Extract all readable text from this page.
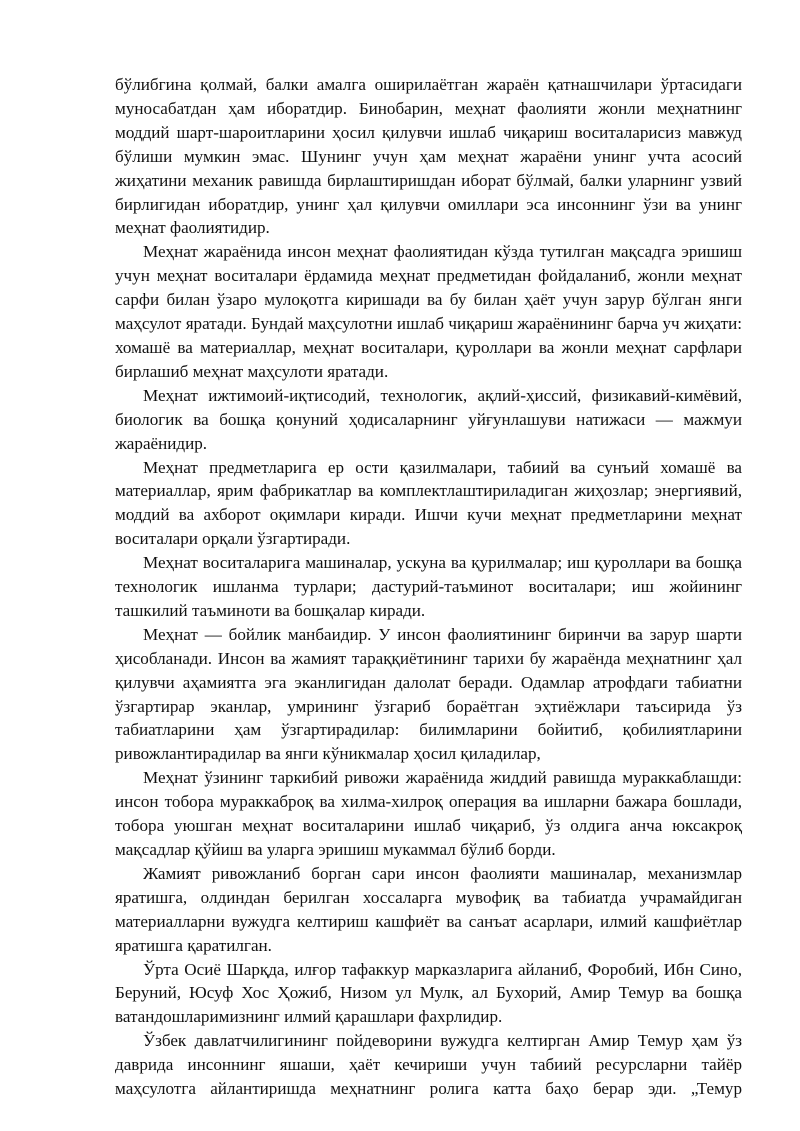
бўлибгина қолмай, балки амалга оширилаётган жараён қатнашчилари ўртасидаги муносабатдан ҳам иборатдир. Бинобарин, меҳнат фаолияти жонли меҳнатнинг моддий шарт-шароитларини ҳосил қилувчи ишлаб чиқариш воситаларисиз мавжуд бўлиши мумкин эмас. Шунинг учун ҳам меҳнат жараёни унинг учта асосий жиҳатини механик равишда бирлаштиришдан иборат бўлмай, балки уларнинг узвий бирлигидан иборатдир, унинг ҳал қилувчи омиллари эса инсоннинг ўзи ва унинг меҳнат фаолиятидир.

Меҳнат жараёнида инсон меҳнат фаолиятидан кўзда тутилган мақсадга эришиш учун меҳнат воситалари ёрдамида меҳнат предметидан фойдаланиб, жонли меҳнат сарфи билан ўзаро мулоқотга киришади ва бу билан ҳаёт учун зарур бўлган янги маҳсулот яратади. Бундай маҳсулотни ишлаб чиқариш жараёнининг барча уч жиҳати: хомашё ва материаллар, меҳнат воситалари, қуроллари ва жонли меҳнат сарфлари бирлашиб меҳнат маҳсулоти яратади.

Меҳнат ижтимоий-иқтисодий, технологик, ақлий-ҳиссий, физикавий-кимёвий, биологик ва бошқа қонуний ҳодисаларнинг уйғунлашуви натижаси — мажмуи жараёнидир.

Меҳнат предметларига ер ости қазилмалари, табиий ва сунъий хомашё ва материаллар, ярим фабрикатлар ва комплектлаштириладиган жиҳозлар; энергиявий, моддий ва ахборот оқимлари киради. Ишчи кучи меҳнат предметларини меҳнат воситалари орқали ўзгартиради.

Меҳнат воситаларига машиналар, ускуна ва қурилмалар; иш қуроллари ва бошқа технологик ишланма турлари; дастурий-таъминот воситалари; иш жойининг ташкилий таъминоти ва бошқалар киради.

Меҳнат — бойлик манбаидир. У инсон фаолиятининг биринчи ва зарур шарти ҳисобланади. Инсон ва жамият тараққиётининг тарихи бу жараёнда меҳнатнинг ҳал қилувчи аҳамиятга эга эканлигидан далолат беради. Одамлар атрофдаги табиатни ўзгартирар эканлар, умрининг ўзгариб бораётган эҳтиёжлари таъсирида ўз табиатларини ҳам ўзгартирадилар: билимларини бойитиб, қобилиятларини ривожлантирадилар ва янги кўникмалар ҳосил қиладилар,

Меҳнат ўзининг таркибий ривожи жараёнида жиддий равишда мураккаблашди: инсон тобора мураккаброқ ва хилма-хилроқ операция ва ишларни бажара бошлади, тобора уюшган меҳнат воситаларини ишлаб чиқариб, ўз олдига анча юксакроқ мақсадлар қўйиш ва уларга эришиш мукаммал бўлиб борди.

Жамият ривожланиб борган сари инсон фаолияти машиналар, механизмлар яратишга, олдиндан берилган хоссаларга мувофиқ ва табиатда учрамайдиган материалларни вужудга келтириш кашфиёт ва санъат асарлари, илмий кашфиётлар яратишга қаратилган.

Ўрта Осиё Шарқда, илғор тафаккур марказларига айланиб, Форобий, Ибн Сино, Беруний, Юсуф Хос Ҳожиб, Низом ул Мулк, ал Бухорий, Амир Темур ва бошқа ватандошларимизнинг илмий қарашлари фахрлидир.

Ўзбек давлатчилигининг пойдеворини вужудга келтирган Амир Темур ҳам ўз даврида инсоннинг яшаши, ҳаёт кечириши учун табиий ресурсларни тайёр маҳсулотга айлантиришда меҳнатнинг ролига катта баҳо берар эди. „Темур
